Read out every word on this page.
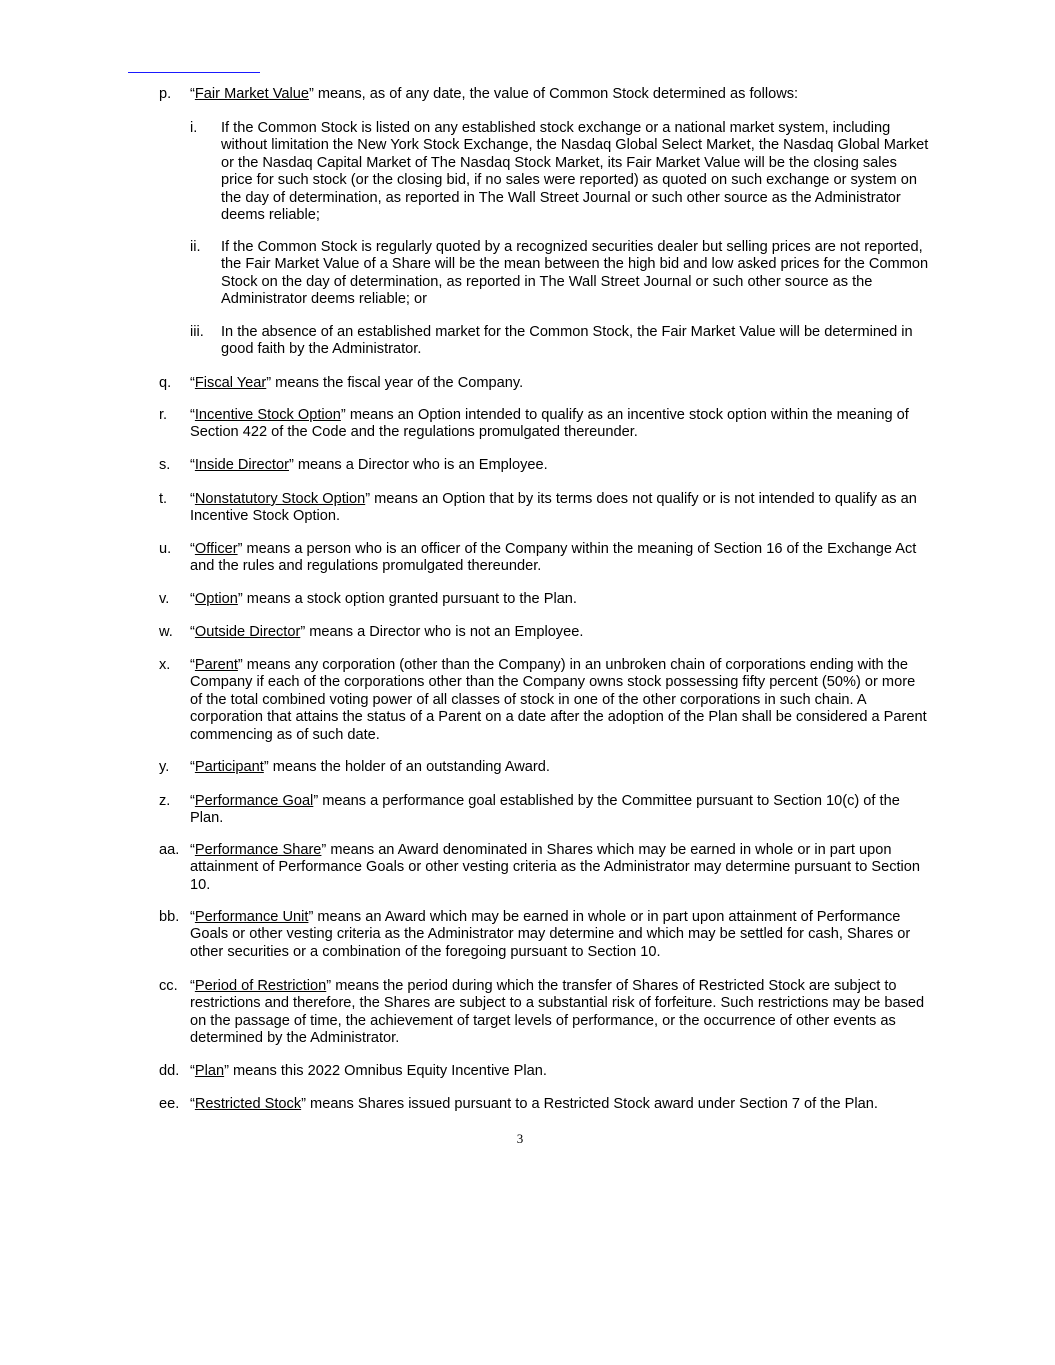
p. “Fair Market Value” means, as of any date, the value of Common Stock determined as follows:
i. If the Common Stock is listed on any established stock exchange or a national market system, including without limitation the New York Stock Exchange, the Nasdaq Global Select Market, the Nasdaq Global Market or the Nasdaq Capital Market of The Nasdaq Stock Market, its Fair Market Value will be the closing sales price for such stock (or the closing bid, if no sales were reported) as quoted on such exchange or system on the day of determination, as reported in The Wall Street Journal or such other source as the Administrator deems reliable;
ii. If the Common Stock is regularly quoted by a recognized securities dealer but selling prices are not reported, the Fair Market Value of a Share will be the mean between the high bid and low asked prices for the Common Stock on the day of determination, as reported in The Wall Street Journal or such other source as the Administrator deems reliable; or
iii. In the absence of an established market for the Common Stock, the Fair Market Value will be determined in good faith by the Administrator.
q. “Fiscal Year” means the fiscal year of the Company.
r. “Incentive Stock Option” means an Option intended to qualify as an incentive stock option within the meaning of Section 422 of the Code and the regulations promulgated thereunder.
s. “Inside Director” means a Director who is an Employee.
t. “Nonstatutory Stock Option” means an Option that by its terms does not qualify or is not intended to qualify as an Incentive Stock Option.
u. “Officer” means a person who is an officer of the Company within the meaning of Section 16 of the Exchange Act and the rules and regulations promulgated thereunder.
v. “Option” means a stock option granted pursuant to the Plan.
w. “Outside Director” means a Director who is not an Employee.
x. “Parent” means any corporation (other than the Company) in an unbroken chain of corporations ending with the Company if each of the corporations other than the Company owns stock possessing fifty percent (50%) or more of the total combined voting power of all classes of stock in one of the other corporations in such chain. A corporation that attains the status of a Parent on a date after the adoption of the Plan shall be considered a Parent commencing as of such date.
y. “Participant” means the holder of an outstanding Award.
z. “Performance Goal” means a performance goal established by the Committee pursuant to Section 10(c) of the Plan.
aa. “Performance Share” means an Award denominated in Shares which may be earned in whole or in part upon attainment of Performance Goals or other vesting criteria as the Administrator may determine pursuant to Section 10.
bb. “Performance Unit” means an Award which may be earned in whole or in part upon attainment of Performance Goals or other vesting criteria as the Administrator may determine and which may be settled for cash, Shares or other securities or a combination of the foregoing pursuant to Section 10.
cc. “Period of Restriction” means the period during which the transfer of Shares of Restricted Stock are subject to restrictions and therefore, the Shares are subject to a substantial risk of forfeiture. Such restrictions may be based on the passage of time, the achievement of target levels of performance, or the occurrence of other events as determined by the Administrator.
dd. “Plan” means this 2022 Omnibus Equity Incentive Plan.
ee. “Restricted Stock” means Shares issued pursuant to a Restricted Stock award under Section 7 of the Plan.
3
